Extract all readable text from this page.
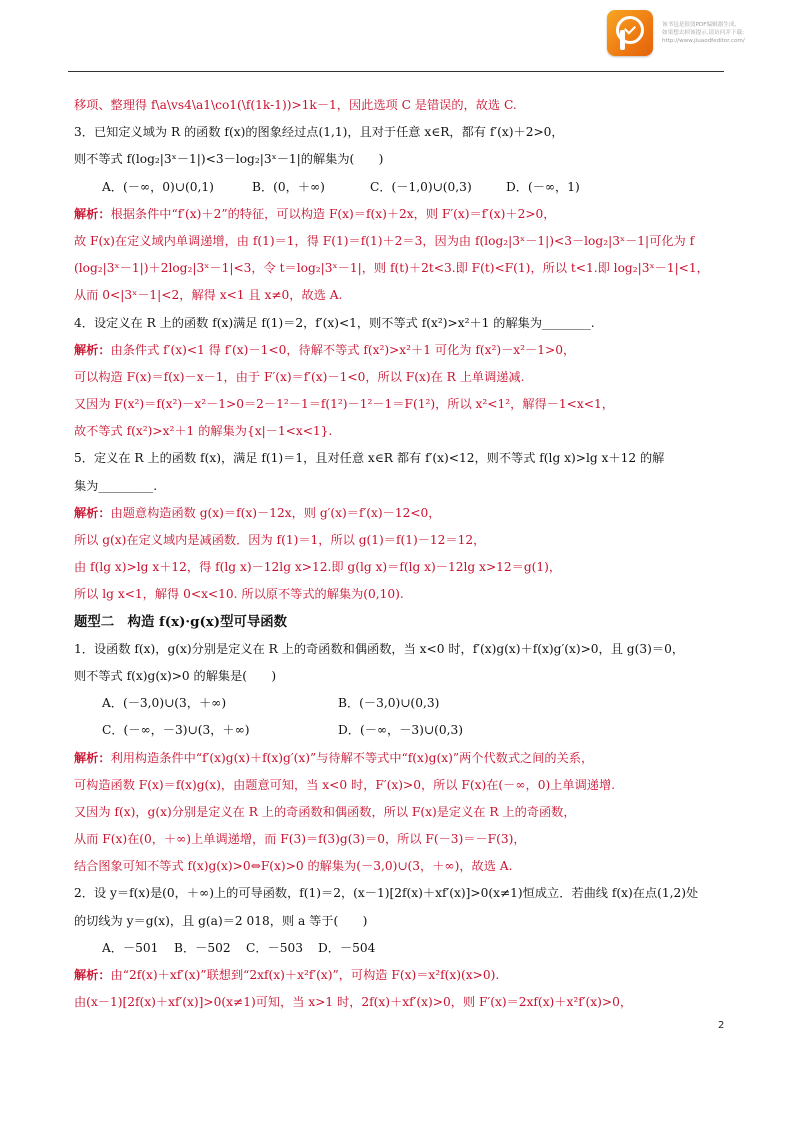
该书包是很烫PDF编辑器生成,
如果想去掉该提示,请访问并下载:
http://www.jiuaodfeditor.com/
移项、整理得 f\a\vs4\a1\co1(\f(1k-1))>1k－1，因此选项 C 是错误的，故选 C.
3．已知定义域为 R 的函数 f(x)的图象经过点(1,1)，且对于任意 x∈R，都有 f′(x)＋2>0，
则不等式 f(log₂|3ˣ－1|)<3－log₂|3ˣ－1|的解集为(　　)
A．(－∞，0)∪(0,1)	B．(0，＋∞)	C．(－1,0)∪(0,3)	D．(－∞，1)
解析：根据条件中“f′(x)＋2”的特征，可以构造 F(x)＝f(x)＋2x，则 F′(x)＝f′(x)＋2>0，
故 F(x)在定义域内单调递增，由 f(1)＝1，得 F(1)＝f(1)＋2＝3，因为由 f(log₂|3ˣ－1|)<3－log₂|3ˣ－1|可化为 f
(log₂|3ˣ－1|)＋2log₂|3ˣ－1|<3，令 t＝log₂|3ˣ－1|，则 f(t)＋2t<3.即 F(t)<F(1)，所以 t<1.即 log₂|3ˣ－1|<1，
从而 0<|3ˣ－1|<2，解得 x<1 且 x≠0，故选 A.
4．设定义在 R 上的函数 f(x)满足 f(1)＝2，f′(x)<1，则不等式 f(x²)>x²＋1 的解集为________.
解析：由条件式 f′(x)<1 得 f′(x)－1<0，待解不等式 f(x²)>x²＋1 可化为 f(x²)－x²－1>0，
可以构造 F(x)＝f(x)－x－1，由于 F′(x)＝f′(x)－1<0，所以 F(x)在 R 上单调递减.
又因为 F(x²)＝f(x²)－x²－1>0＝2－1²－1＝f(1²)－1²－1＝F(1²)，所以 x²<1²，解得－1<x<1，
故不等式 f(x²)>x²＋1 的解集为{x|－1<x<1}.
5．定义在 R 上的函数 f(x)，满足 f(1)＝1，且对任意 x∈R 都有 f′(x)<12，则不等式 f(lg x)>lg x＋12 的解
集为_________.
解析：由题意构造函数 g(x)＝f(x)－12x，则 g′(x)＝f′(x)－12<0，
所以 g(x)在定义域内是减函数．因为 f(1)＝1，所以 g(1)＝f(1)－12＝12，
由 f(lg x)>lg x＋12，得 f(lg x)－12lg x>12.即 g(lg x)＝f(lg x)－12lg x>12＝g(1)，
所以 lg x<1，解得 0<x<10. 所以原不等式的解集为(0,10).
题型二　构造 f(x)·g(x)型可导函数
1．设函数 f(x)，g(x)分别是定义在 R 上的奇函数和偶函数，当 x<0 时，f′(x)g(x)＋f(x)g′(x)>0，且 g(3)＝0，
则不等式 f(x)g(x)>0 的解集是(　　)
A．(－3,0)∪(3，＋∞)	B．(－3,0)∪(0,3)
C．(－∞，－3)∪(3，＋∞)	D．(－∞，－3)∪(0,3)
解析：利用构造条件中“f′(x)g(x)＋f(x)g′(x)”与待解不等式中“f(x)g(x)”两个代数式之间的关系，
可构造函数 F(x)＝f(x)g(x)，由题意可知，当 x<0 时，F′(x)>0，所以 F(x)在(－∞，0)上单调递增.
又因为 f(x)，g(x)分别是定义在 R 上的奇函数和偶函数，所以 F(x)是定义在 R 上的奇函数，
从而 F(x)在(0，＋∞)上单调递增，而 F(3)＝f(3)g(3)＝0，所以 F(－3)＝－F(3)，
结合图象可知不等式 f(x)g(x)>0⇔F(x)>0 的解集为(－3,0)∪(3，＋∞)，故选 A.
2．设 y＝f(x)是(0，＋∞)上的可导函数，f(1)＝2，(x－1)[2f(x)＋xf′(x)]>0(x≠1)恒成立．若曲线 f(x)在点(1,2)处
的切线为 y＝g(x)，且 g(a)＝2 018，则 a 等于(　　)
A．－501 B．－502 C．－503 D．－504
解析：由“2f(x)＋xf′(x)”联想到“2xf(x)＋x²f′(x)”，可构造 F(x)＝x²f(x)(x>0).
由(x－1)[2f(x)＋xf′(x)]>0(x≠1)可知，当 x>1 时，2f(x)＋xf′(x)>0，则 F′(x)＝2xf(x)＋x²f′(x)>0，
2
